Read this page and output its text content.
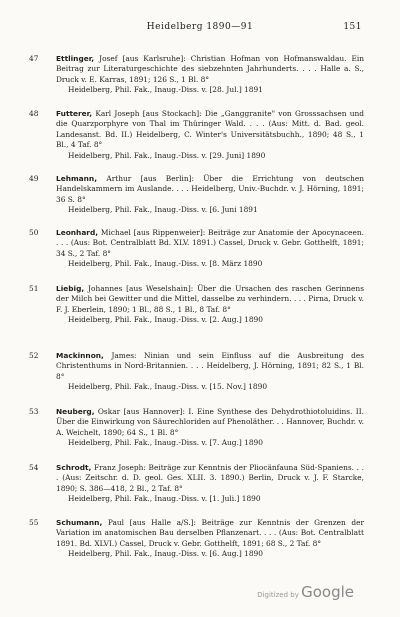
Heidelberg 1890—91	151
47	Ettlinger, Josef [aus Karlsruhe]: Christian Hofman von Hofmanswaldau. Ein Beitrag zur Literaturgeschichte des siebzehnten Jahrhunderts. . . . Halle a. S., Druck v. E. Karras, 1891; 126 S., 1 Bl. 8°
Heidelberg, Phil. Fak., Inaug.-Diss. v. [28. Jul.] 1891
48	Futterer, Karl Joseph [aus Stockach]: Die „Ganggranite" von Grosssachsen und die Quarzporphyre von Thal im Thüringer Wald. . . . (Aus: Mitt. d. Bad. geol. Landesanst. Bd. II.) Heidelberg, C. Winter's Universitätsbuchh., 1890; 48 S., 1 Bl., 4 Taf. 8°
Heidelberg, Phil. Fak., Inaug.-Diss. v. [29. Juni] 1890
49	Lehmann, Arthur [aus Berlin]: Über die Errichtung von deutschen Handelskammern im Auslande. . . . Heidelberg, Univ.-Buchdr. v. J. Hörning, 1891; 36 S. 8°
Heidelberg, Phil. Fak., Inaug.-Diss. v. [6. Juni 1891
50	Leonhard, Michael [aus Rippenweier]: Beiträge zur Anatomie der Apocynaceen. . . . (Aus: Bot. Centralblatt Bd. XLV. 1891.) Cassel, Druck v. Gebr. Gotthelft, 1891; 34 S., 2 Taf. 8°
Heidelberg, Phil. Fak., Inaug.-Diss. v. [8. März 1890
51	Liebig, Johannes [aus Weselshain]: Über die Ursachen des raschen Gerinnens der Milch bei Gewitter und die Mittel, dasselbe zu verhindern. . . . Pirna, Druck v. F. J. Eberlein, 1890; 1 Bl., 88 S., 1 Bl., 8 Taf. 8°
Heidelberg, Phil. Fak., Inaug.-Diss. v. [2. Aug.] 1890
52	Mackinnon, James: Ninian und sein Einfluss auf die Ausbreitung des Christenthums in Nord-Britannien. . . . Heidelberg, J. Hörning, 1891; 82 S., 1 Bl. 8°
Heidelberg, Phil. Fak., Inaug.-Diss. v. [15. Nov.] 1890
53	Neuberg, Oskar [aus Hannover]: I. Eine Synthese des Dehydrothiotoluidins. II. Über die Einwirkung von Säurechloriden auf Phenoläther. . . Hannover, Buchdr. v. A. Weichelt, 1890; 64 S., 1 Bl. 8°
Heidelberg, Phil. Fak., Inaug.-Diss. v. [7. Aug.] 1890
54	Schrodt, Franz Joseph: Beiträge zur Kenntnis der Pliocänfauna Süd-Spaniens. . . . (Aus: Zeitschr. d. D. geol. Ges. XLII. 3. 1890.) Berlin, Druck v. J. F. Starcke, 1890; S. 386—418, 2 Bl., 2 Taf. 8°
Heidelberg, Phil. Fak., Inaug.-Diss. v. [1. Juli.] 1890
55	Schumann, Paul [aus Halle a/S.]: Beiträge zur Kenntnis der Grenzen der Variation im anatomischen Bau derselben Pflanzenart. . . . (Aus: Bot. Centralblatt 1891. Bd. XLVI.) Cassel, Druck v. Gebr. Gotthelft, 1891; 68 S., 2 Taf. 8°
Heidelberg, Phil. Fak., Inaug.-Diss. v. [6. Aug.] 1890
Digitized by Google
